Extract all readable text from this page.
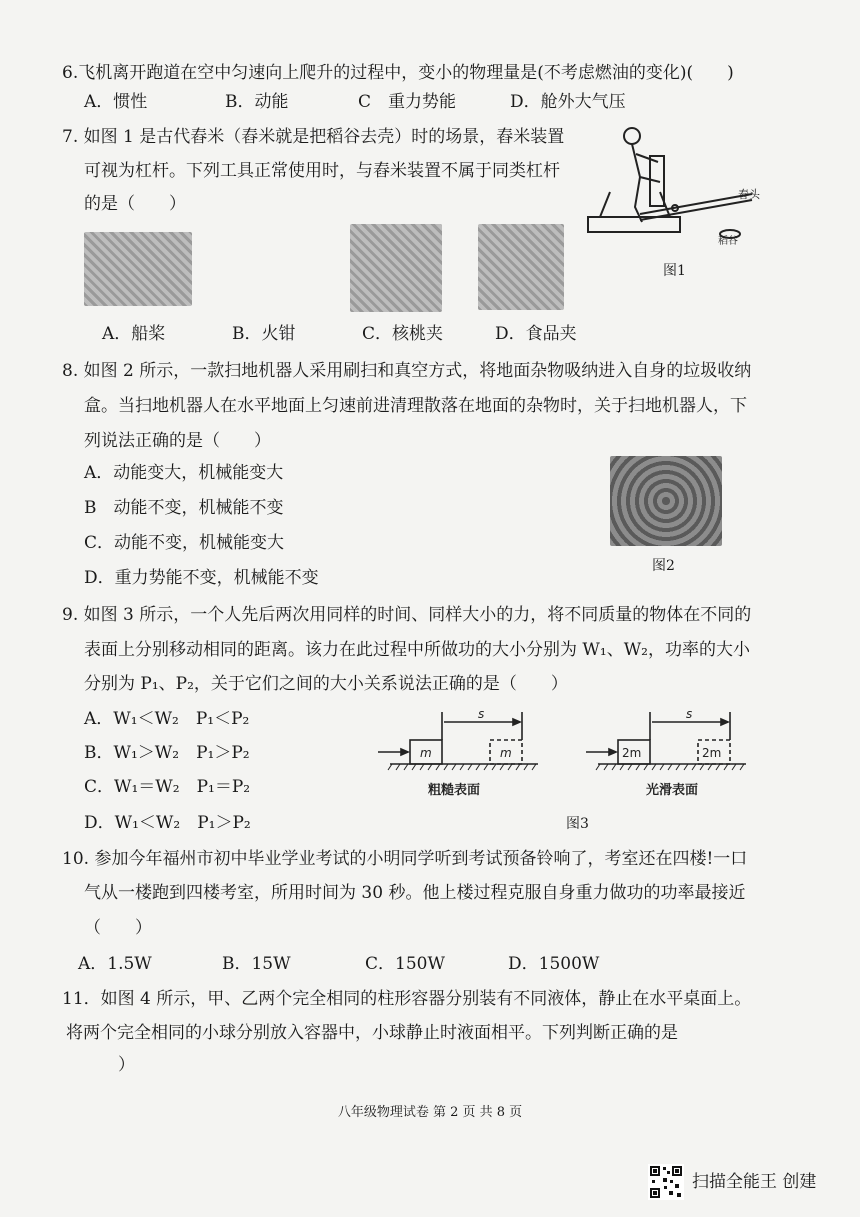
6.飞机离开跑道在空中匀速向上爬升的过程中，变小的物理量是(不考虑燃油的变化)(　　)
A．惯性	B．动能	C　重力势能	D．舱外大气压
7. 如图 1 是古代舂米（舂米就是把稻谷去壳）时的场景，舂米装置
可视为杠杆。下列工具正常使用时，与舂米装置不属于同类杠杆
的是（　　）
A．船桨	B．火钳	C．核桃夹	D．食品夹
舂头
稻谷
图1
8. 如图 2 所示，一款扫地机器人采用刷扫和真空方式，将地面杂物吸纳进入自身的垃圾收纳
盒。当扫地机器人在水平地面上匀速前进清理散落在地面的杂物时，关于扫地机器人，下
列说法正确的是（　　）
A．动能变大，机械能变大
B　动能不变，机械能不变
C．动能不变，机械能变大
D．重力势能不变，机械能不变
图2
9. 如图 3 所示，一个人先后两次用同样的时间、同样大小的力，将不同质量的物体在不同的
表面上分别移动相同的距离。该力在此过程中所做功的大小分别为 W₁、W₂，功率的大小
分别为 P₁、P₂，关于它们之间的大小关系说法正确的是（　　）
A．W₁＜W₂　P₁＜P₂
B．W₁＞W₂　P₁＞P₂
C．W₁＝W₂　P₁＝P₂
D．W₁＜W₂　P₁＞P₂
s
m	m
粗糙表面
s
2m	2m
光滑表面
图3
10. 参加今年福州市初中毕业学业考试的小明同学听到考试预备铃响了，考室还在四楼!一口
气从一楼跑到四楼考室，所用时间为 30 秒。他上楼过程克服自身重力做功的功率最接近
（　　）
A．1.5W	B．15W	C．150W	D．1500W
11．如图 4 所示，甲、乙两个完全相同的柱形容器分别装有不同液体，静止在水平桌面上。
将两个完全相同的小球分别放入容器中，小球静止时液面相平。下列判断正确的是
）
八年级物理试卷 第 2 页 共 8 页
扫描全能王 创建
